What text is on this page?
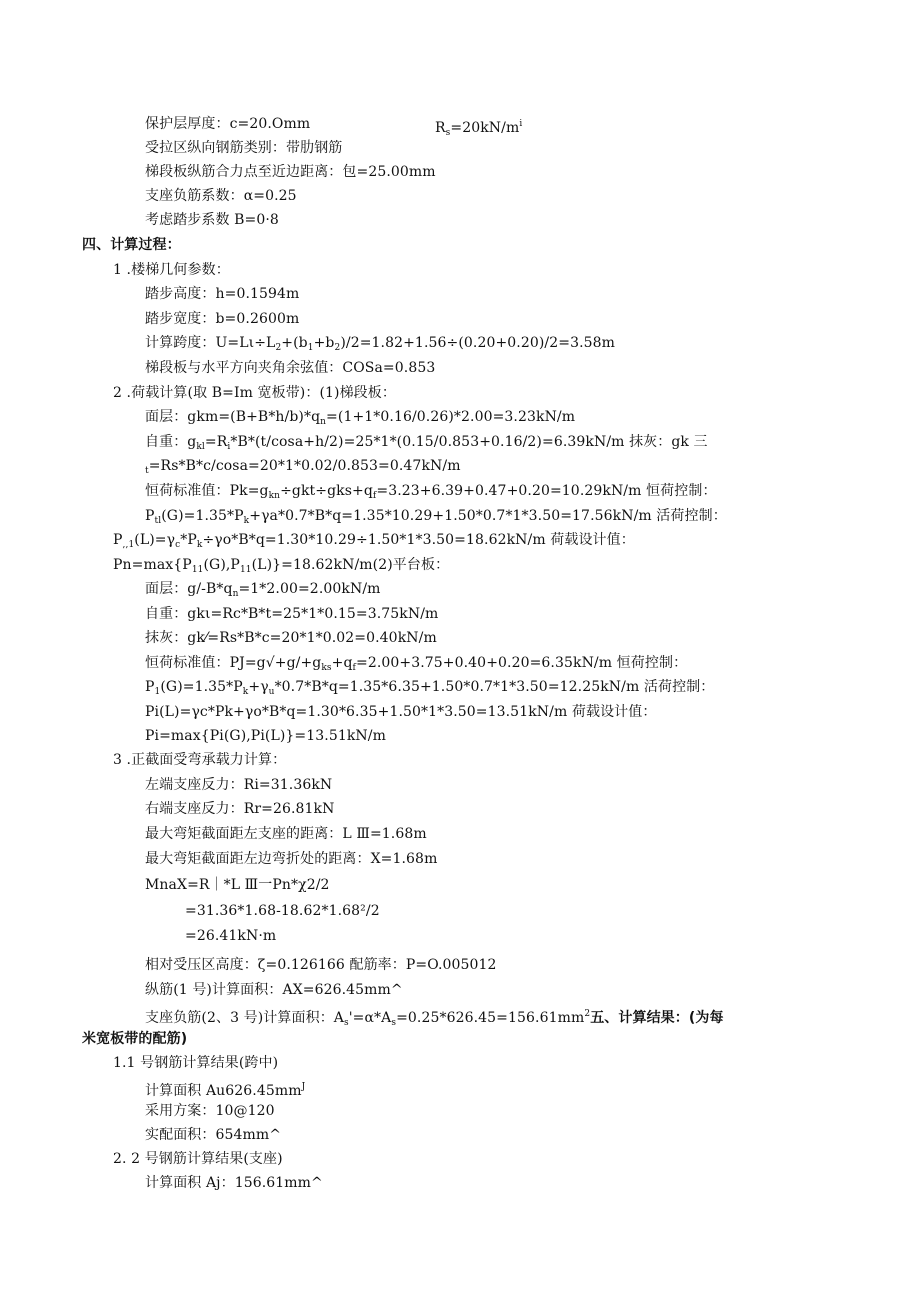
保护层厚度：c=20.Omm	$R_s=20kN/m^i$
受拉区纵向钢筋类别：带肋钢筋
梯段板纵筋合力点至近边距离：包=25.00mm
支座负筋系数：α=0.25
考虑踏步系数 B=0·8
四、计算过程：
1 .楼梯几何参数：
踏步高度：h=0.1594m
踏步宽度：b=0.2600m
计算跨度：$U=L\iota\div L_2+(b_1+b_2)/2=1.82+1.56\div(0.20+0.20)/2=3.58m$
梯段板与水平方向夹角余弦值：COSa=0.853
2 .荷载计算(取 B=Im 宽板带)：(1)梯段板：
面层：$gkm=(B+B*h/b)*q_n=(1+1*0.16/0.26)*2.00=3.23kN/m$
自重：$g_{kl}=R_i*B*(t/\cos a+h/2)=25*1*(0.15/0.853+0.16/2)=6.39kN/m$ 抹灰：gk 三
$_t$=Rs*B*c/cosa=20*1*0.02/0.853=0.47kN/m
恒荷标准值：$Pk=g_{kn}\div gkt\div gks+q_f=3.23+6.39+0.47+0.20=10.29kN/m$ 恒荷控制：
$P_{tl}(G)=1.35*P_k+\gamma a*0.7*B*q=1.35*10.29+1.50*0.7*1*3.50=17.56kN/m$ 活荷控制：
$P_{,,1}(L)=\gamma_c*P_k\div\gamma o*B*q=1.30*10.29\div 1.50*1*3.50=18.62kN/m$ 荷载设计值：
$Pn=\max\{P_{11}(G),P_{11}(L)\}=18.62kN/m(2)$平台板：
面层：$g/-B*q_n=1*2.00=2.00kN/m$
自重：gkι=Rc*B*t=25*1*0.15=3.75kN/m
抹灰：gk⁄=Rs*B*c=20*1*0.02=0.40kN/m
恒荷标准值：$PJ=g√+g/+g_{ks}+q_f=2.00+3.75+0.40+0.20=6.35kN/m$ 恒荷控制：
$P_1(G)=1.35*P_k+\gamma_u*0.7*B*q=1.35*6.35+1.50*0.7*1*3.50=12.25kN/m$ 活荷控制：
Pi(L)=γc*Pk+γo*B*q=1.30*6.35+1.50*1*3.50=13.51kN/m 荷载设计值：
Pi=max{Pi(G),Pi(L)}=13.51kN/m
3 .正截面受弯承载力计算：
左端支座反力：Ri=31.36kN
右端支座反力：Rr=26.81kN
最大弯矩截面距左支座的距离：L Ⅲ=1.68m
最大弯矩截面距左边弯折处的距离：X=1.68m
MnaX=R｜*L Ⅲ一Pn*χ2/2
=31.36*1.68-18.62*1.68²/2
=26.41kN·m
相对受压区高度：ζ=0.126166 配筋率：P=O.005012
纵筋(1 号)计算面积：AX=626.45mm^
支座负筋(2、3 号)计算面积：$A_s'=\alpha*A_s=0.25*626.45=156.61mm^2$五、计算结果：(为每
米宽板带的配筋)
1.1 号钢筋计算结果(跨中)
计算面积 $Au626.45mm^J$
采用方案：10@120
实配面积：654mm^
2. 2 号钢筋计算结果(支座)
计算面积 Aj：156.61mm^
